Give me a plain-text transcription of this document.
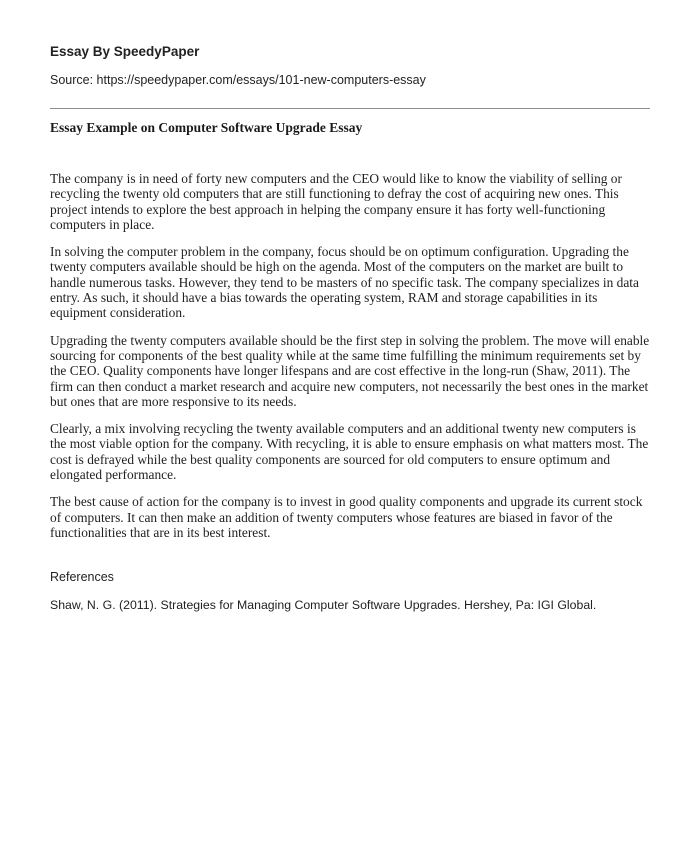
Essay By SpeedyPaper
Source: https://speedypaper.com/essays/101-new-computers-essay
Essay Example on Computer Software Upgrade Essay

The company is in need of forty new computers and the CEO would like to know the viability of selling or recycling the twenty old computers that are still functioning to defray the cost of acquiring new ones. This project intends to explore the best approach in helping the company ensure it has forty well-functioning computers in place.

In solving the computer problem in the company, focus should be on optimum configuration. Upgrading the twenty computers available should be high on the agenda. Most of the computers on the market are built to handle numerous tasks. However, they tend to be masters of no specific task. The company specializes in data entry. As such, it should have a bias towards the operating system, RAM and storage capabilities in its equipment consideration.

Upgrading the twenty computers available should be the first step in solving the problem. The move will enable sourcing for components of the best quality while at the same time fulfilling the minimum requirements set by the CEO. Quality components have longer lifespans and are cost effective in the long-run (Shaw, 2011). The firm can then conduct a market research and acquire new computers, not necessarily the best ones in the market but ones that are more responsive to its needs.

Clearly, a mix involving recycling the twenty available computers and an additional twenty new computers is the most viable option for the company. With recycling, it is able to ensure emphasis on what matters most. The cost is defrayed while the best quality components are sourced for old computers to ensure optimum and elongated performance.

The best cause of action for the company is to invest in good quality components and upgrade its current stock of computers. It can then make an addition of twenty computers whose features are biased in favor of the functionalities that are in its best interest.

References
Shaw, N. G. (2011). Strategies for Managing Computer Software Upgrades. Hershey, Pa: IGI Global.
